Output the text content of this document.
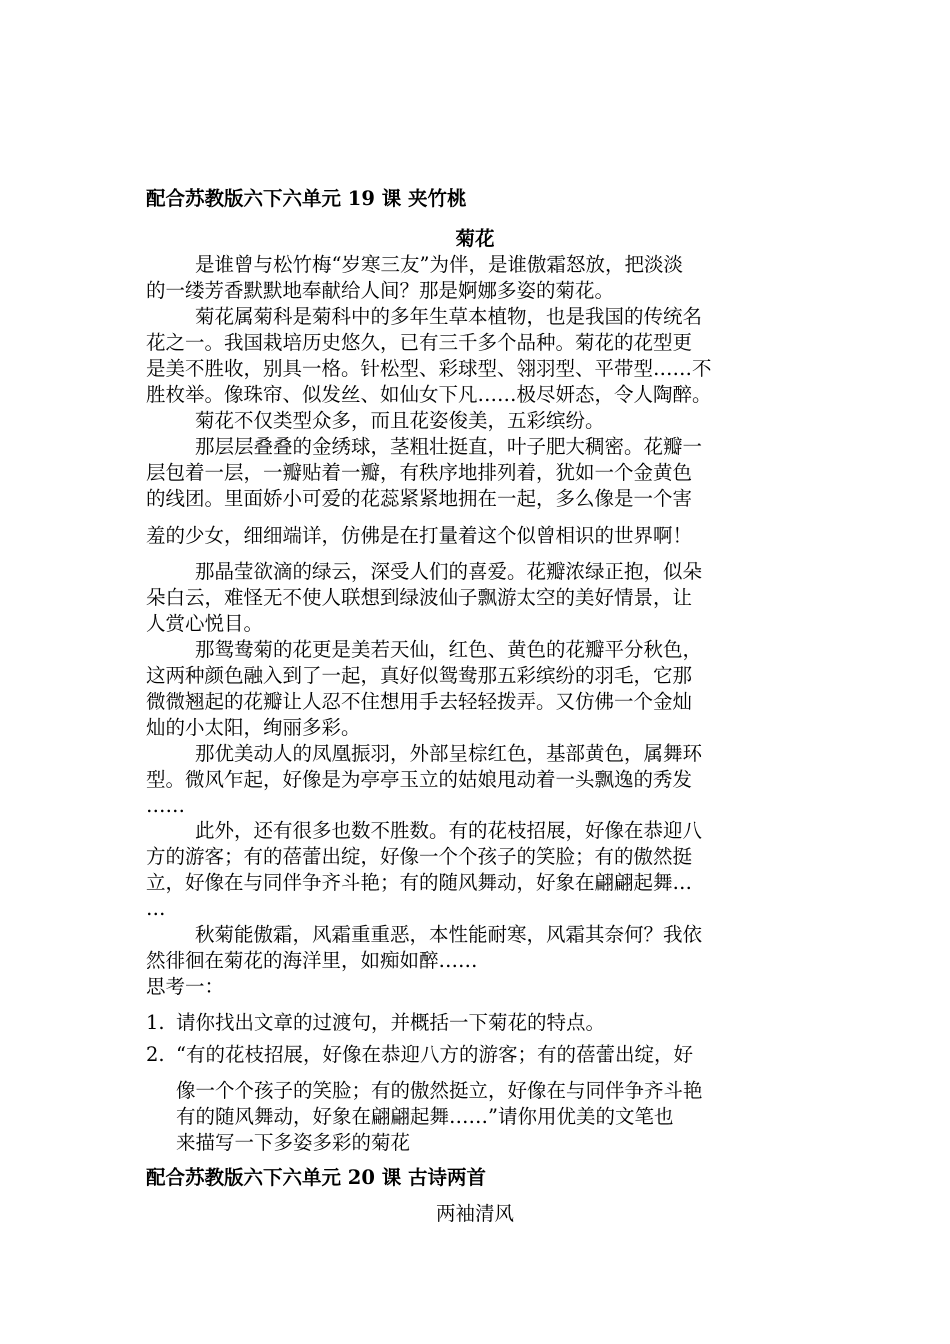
配合苏教版六下六单元 19 课 夹竹桃
菊花
是谁曾与松竹梅“岁寒三友”为伴，是谁傲霜怒放，把淡淡
的一缕芳香默默地奉献给人间？那是婀娜多姿的菊花。
菊花属菊科是菊科中的多年生草本植物，也是我国的传统名
花之一。我国栽培历史悠久，已有三千多个品种。菊花的花型更
是美不胜收，别具一格。针松型、彩球型、翎羽型、平带型……不
胜枚举。像珠帘、似发丝、如仙女下凡……极尽妍态，令人陶醉。
菊花不仅类型众多，而且花姿俊美，五彩缤纷。
那层层叠叠的金绣球，茎粗壮挺直，叶子肥大稠密。花瓣一
层包着一层，一瓣贴着一瓣，有秩序地排列着，犹如一个金黄色
的线团。里面娇小可爱的花蕊紧紧地拥在一起，多么像是一个害
羞的少女，细细端详，仿佛是在打量着这个似曾相识的世界啊！
那晶莹欲滴的绿云，深受人们的喜爱。花瓣浓绿正抱，似朵
朵白云，难怪无不使人联想到绿波仙子飘游太空的美好情景，让
人赏心悦目。
那鸳鸯菊的花更是美若天仙，红色、黄色的花瓣平分秋色，
这两种颜色融入到了一起，真好似鸳鸯那五彩缤纷的羽毛，它那
微微翘起的花瓣让人忍不住想用手去轻轻拨弄。又仿佛一个金灿
灿的小太阳，绚丽多彩。
那优美动人的凤凰振羽，外部呈棕红色，基部黄色，属舞环
型。微风乍起，好像是为亭亭玉立的姑娘甩动着一头飘逸的秀发
……
此外，还有很多也数不胜数。有的花枝招展，好像在恭迎八
方的游客；有的蓓蕾出绽，好像一个个孩子的笑脸；有的傲然挺
立，好像在与同伴争齐斗艳；有的随风舞动，好象在翩翩起舞…
…
秋菊能傲霜，风霜重重恶，本性能耐寒，风霜其奈何？我依
然徘徊在菊花的海洋里，如痴如醉……
思考一：
1. 请你找出文章的过渡句，并概括一下菊花的特点。
2. “有的花枝招展，好像在恭迎八方的游客；有的蓓蕾出绽，好
像一个个孩子的笑脸；有的傲然挺立，好像在与同伴争齐斗艳
有的随风舞动，好象在翩翩起舞……”请你用优美的文笔也
来描写一下多姿多彩的菊花
配合苏教版六下六单元 20 课 古诗两首
两袖清风
